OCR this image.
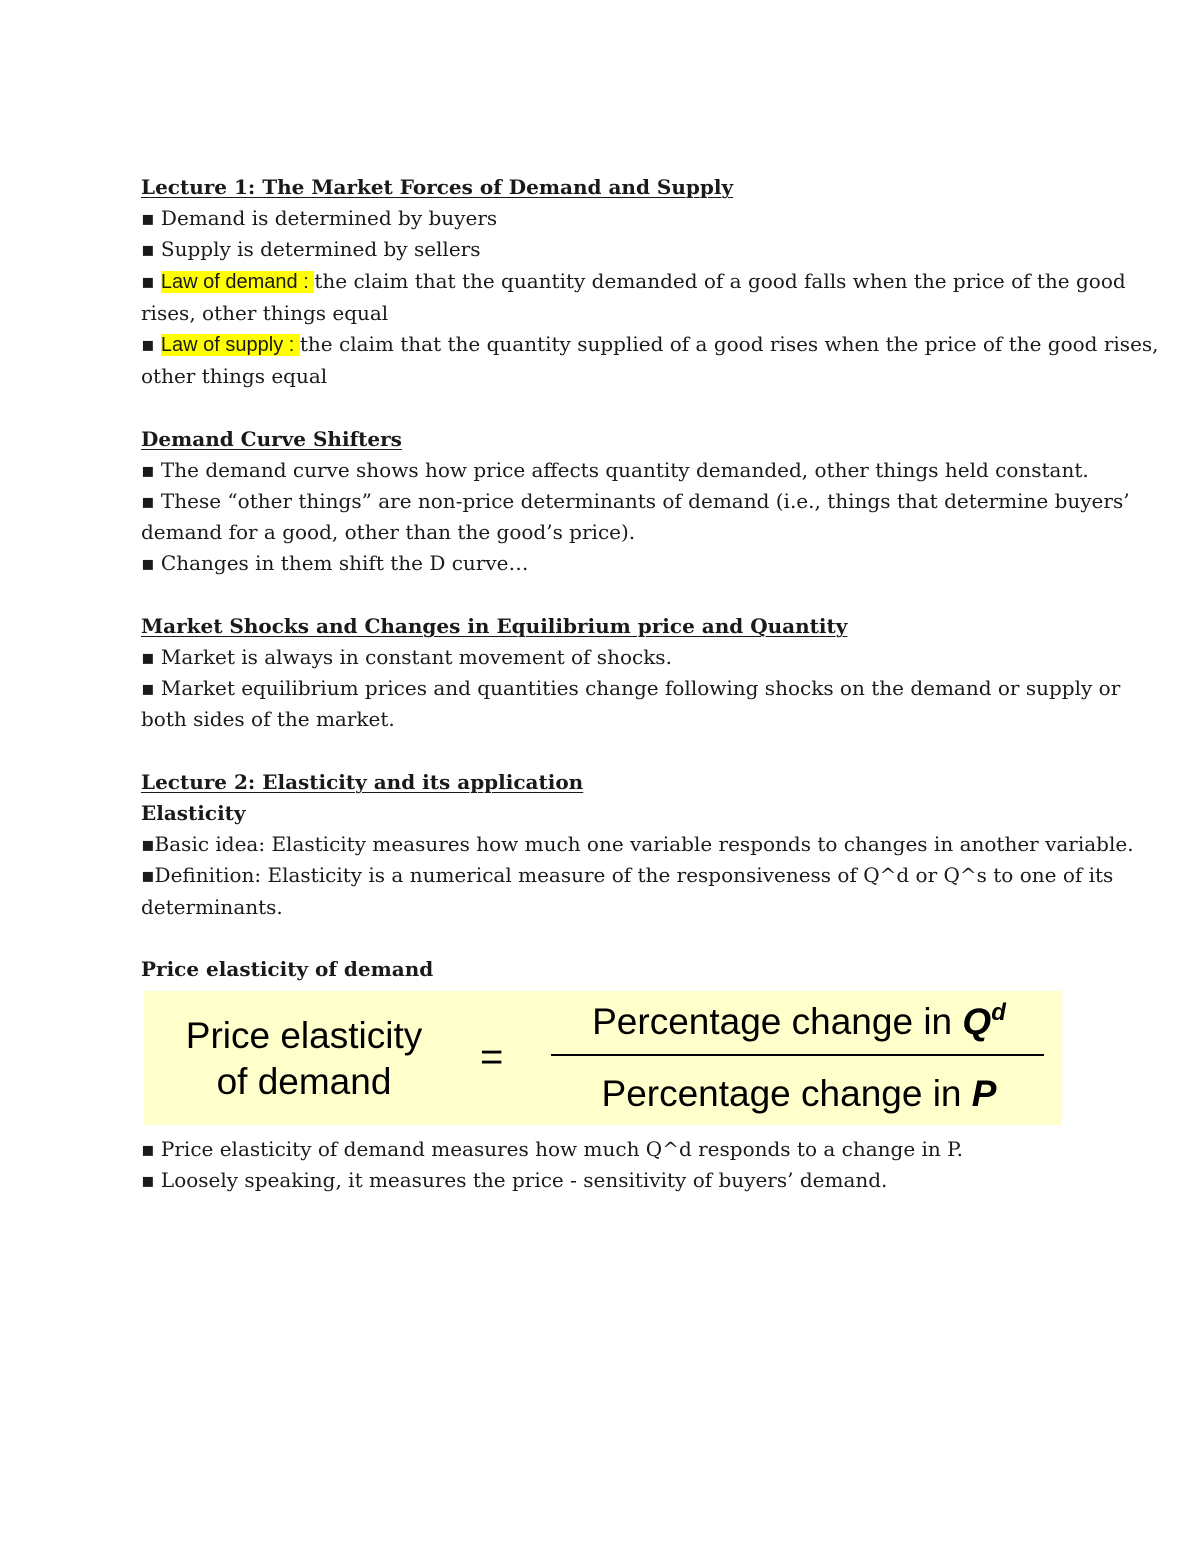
Lecture 1: The Market Forces of Demand and Supply
▪ Demand is determined by buyers
▪ Supply is determined by sellers
▪ Law of demand : the claim that the quantity demanded of a good falls when the price of the good rises, other things equal
▪ Law of supply : the claim that the quantity supplied of a good rises when the price of the good rises, other things equal
Demand Curve Shifters
▪ The demand curve shows how price affects quantity demanded, other things held constant.
▪ These “other things” are non-price determinants of demand (i.e., things that determine buyers’ demand for a good, other than the good’s price).
▪ Changes in them shift the D curve…
Market Shocks and Changes in Equilibrium price and Quantity
▪ Market is always in constant movement of shocks.
▪ Market equilibrium prices and quantities change following shocks on the demand or supply or both sides of the market.
Lecture 2: Elasticity and its application
Elasticity
▪Basic idea: Elasticity measures how much one variable responds to changes in another variable.
▪Definition: Elasticity is a numerical measure of the responsiveness of Q^d or Q^s to one of its determinants.
Price elasticity of demand
Price elasticity
of demand
=
Percentage change in $Q^d$
Percentage change in P
▪ Price elasticity of demand measures how much Q^d responds to a change in P.
▪ Loosely speaking, it measures the price - sensitivity of buyers’ demand.
